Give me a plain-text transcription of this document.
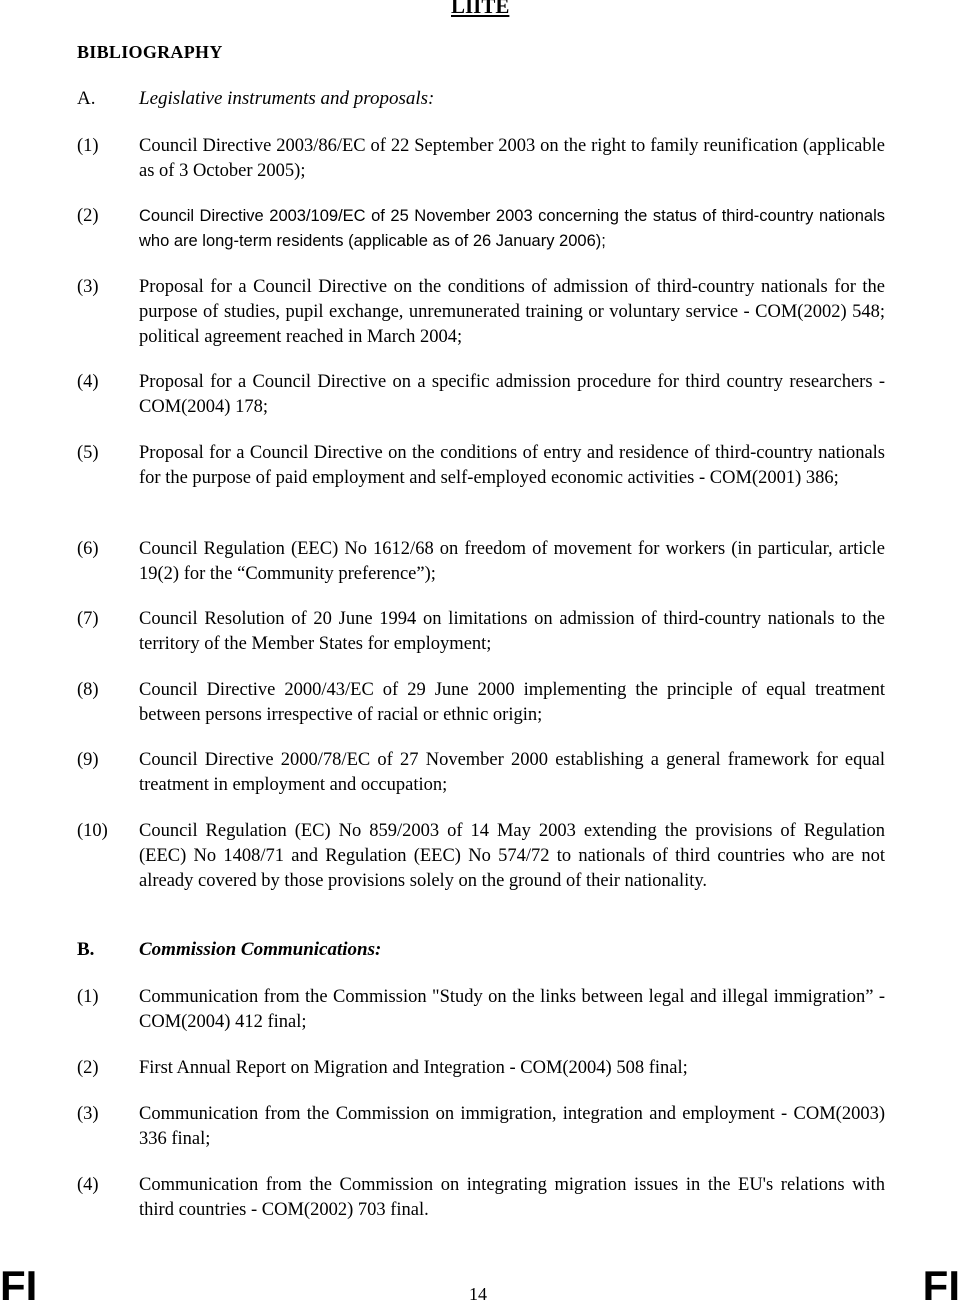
LIITE
BIBLIOGRAPHY
A. Legislative instruments and proposals:
(1) Council Directive 2003/86/EC of 22 September 2003 on the right to family reunification (applicable as of 3 October 2005);
(2) Council Directive 2003/109/EC of 25 November 2003 concerning the status of third-country nationals who are long-term residents (applicable as of 26 January 2006);
(3) Proposal for a Council Directive on the conditions of admission of third-country nationals for the purpose of studies, pupil exchange, unremunerated training or voluntary service - COM(2002) 548; political agreement reached in March 2004;
(4) Proposal for a Council Directive on a specific admission procedure for third country researchers - COM(2004) 178;
(5) Proposal for a Council Directive on the conditions of entry and residence of third-country nationals for the purpose of paid employment and self-employed economic activities - COM(2001) 386;
(6) Council Regulation (EEC) No 1612/68 on freedom of movement for workers (in particular, article 19(2) for the “Community preference”);
(7) Council Resolution of 20 June 1994 on limitations on admission of third-country nationals to the territory of the Member States for employment;
(8) Council Directive 2000/43/EC of 29 June 2000 implementing the principle of equal treatment between persons irrespective of racial or ethnic origin;
(9) Council Directive 2000/78/EC of 27 November 2000 establishing a general framework for equal treatment in employment and occupation;
(10) Council Regulation (EC) No 859/2003 of 14 May 2003 extending the provisions of Regulation (EEC) No 1408/71 and Regulation (EEC) No 574/72 to nationals of third countries who are not already covered by those provisions solely on the ground of their nationality.
B. Commission Communications:
(1) Communication from the Commission "Study on the links between legal and illegal immigration” - COM(2004) 412 final;
(2) First Annual Report on Migration and Integration - COM(2004) 508 final;
(3) Communication from the Commission on immigration, integration and employment - COM(2003) 336 final;
(4) Communication from the Commission on integrating migration issues in the EU's relations with third countries - COM(2002) 703 final.
FI	14	FI
